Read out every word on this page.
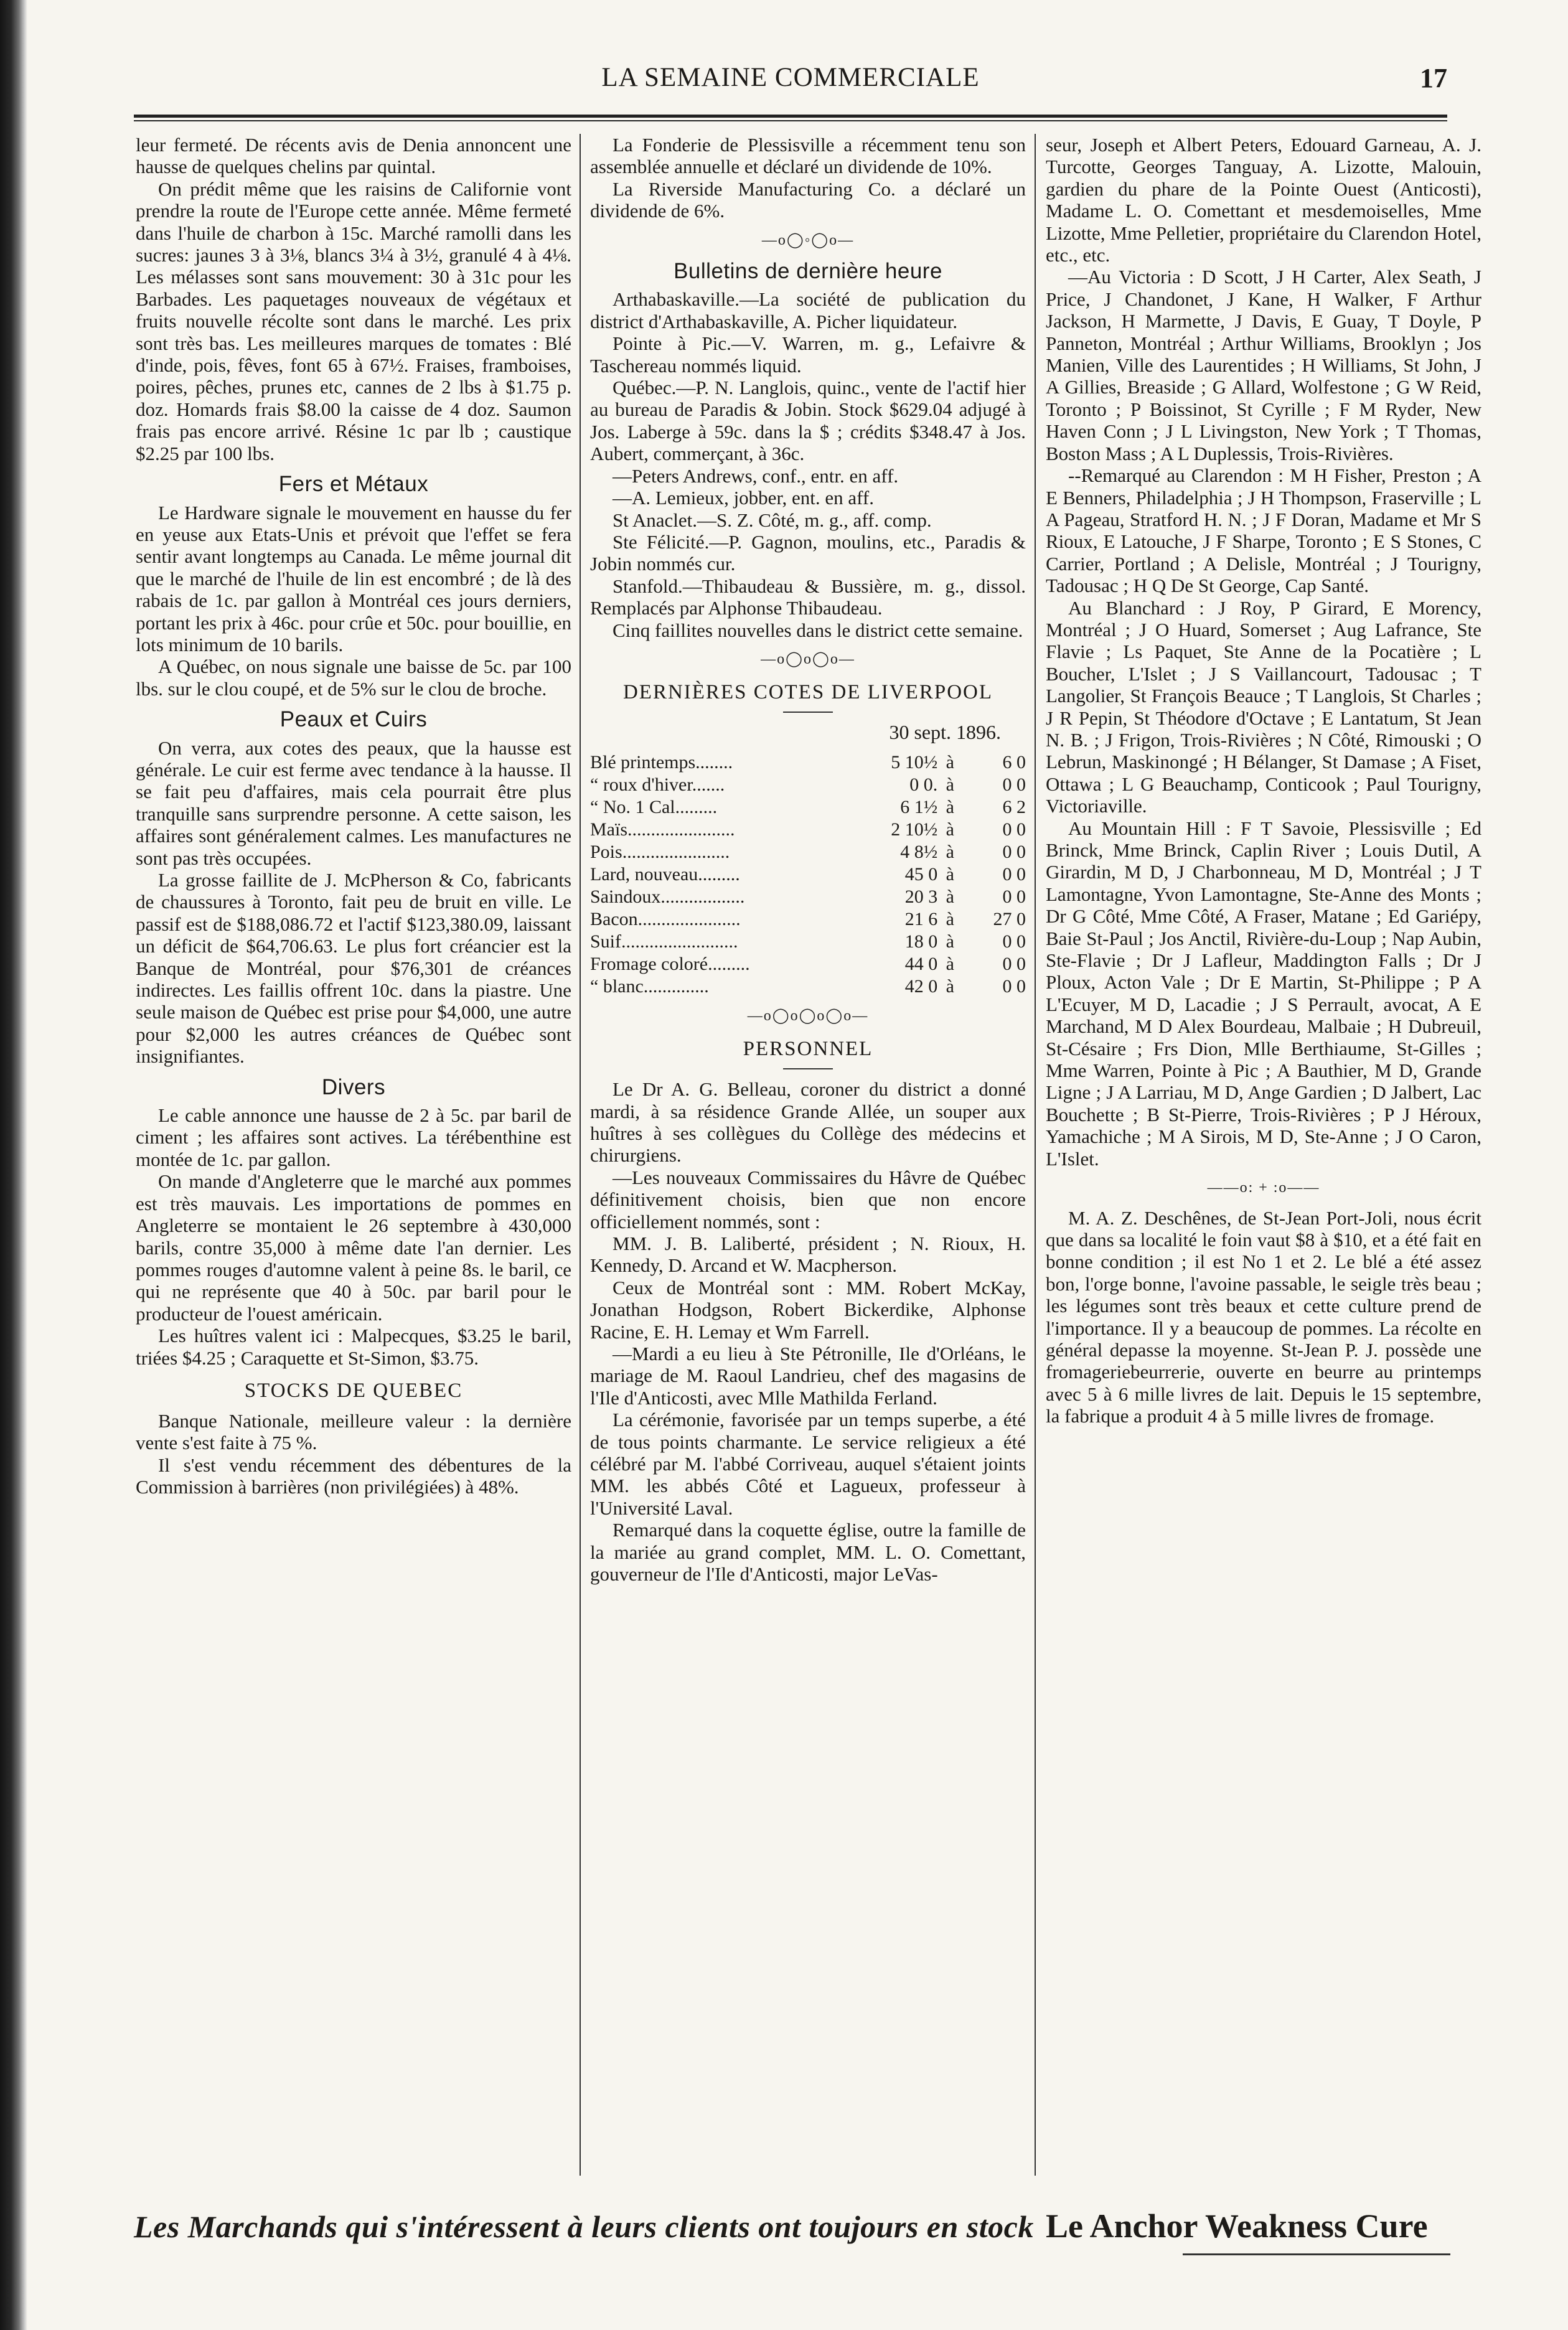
LA SEMAINE COMMERCIALE	17

leur fermeté. De récents avis de Denia annoncent une hausse de quelques chelins par quintal.

On prédit même que les raisins de Californie vont prendre la route de l'Europe cette année. Même fermeté dans l'huile de charbon à 15c. Marché ramolli dans les sucres: jaunes 3 à 3⅛, blancs 3¼ à 3½, granulé 4 à 4⅛. Les mélasses sont sans mouvement: 30 à 31c pour les Barbades. Les paquetages nouveaux de végétaux et fruits nouvelle récolte sont dans le marché. Les prix sont très bas. Les meilleures marques de tomates : Blé d'inde, pois, fêves, font 65 à 67½. Fraises, framboises, poires, pêches, prunes etc, cannes de 2 lbs à $1.75 p. doz. Homards frais $8.00 la caisse de 4 doz. Saumon frais pas encore arrivé. Résine 1c par lb ; caustique $2.25 par 100 lbs.

Fers et Métaux

Le Hardware signale le mouvement en hausse du fer en yeuse aux Etats-Unis et prévoit que l'effet se fera sentir avant longtemps au Canada. Le même journal dit que le marché de l'huile de lin est encombré ; de là des rabais de 1c. par gallon à Montréal ces jours derniers, portant les prix à 46c. pour crûe et 50c. pour bouillie, en lots minimum de 10 barils.

A Québec, on nous signale une baisse de 5c. par 100 lbs. sur le clou coupé, et de 5% sur le clou de broche.

Peaux et Cuirs

On verra, aux cotes des peaux, que la hausse est générale. Le cuir est ferme avec tendance à la hausse. Il se fait peu d'affaires, mais cela pourrait être plus tranquille sans surprendre personne. A cette saison, les affaires sont généralement calmes. Les manufactures ne sont pas très occupées.

La grosse faillite de J. McPherson & Co, fabricants de chaussures à Toronto, fait peu de bruit en ville. Le passif est de $188,086.72 et l'actif $123,380.09, laissant un déficit de $64,706.63. Le plus fort créancier est la Banque de Montréal, pour $76,301 de créances indirectes. Les faillis offrent 10c. dans la piastre. Une seule maison de Québec est prise pour $4,000, une autre pour $2,000 les autres créances de Québec sont insignifiantes.

Divers

Le cable annonce une hausse de 2 à 5c. par baril de ciment ; les affaires sont actives. La térébenthine est montée de 1c. par gallon.

On mande d'Angleterre que le marché aux pommes est très mauvais. Les importations de pommes en Angleterre se montaient le 26 septembre à 430,000 barils, contre 35,000 à même date l'an dernier. Les pommes rouges d'automne valent à peine 8s. le baril, ce qui ne représente que 40 à 50c. par baril pour le producteur de l'ouest américain.

Les huîtres valent ici : Malpecques, $3.25 le baril, triées $4.25 ; Caraquette et St-Simon, $3.75.

STOCKS DE QUEBEC

Banque Nationale, meilleure valeur : la dernière vente s'est faite à 75 %.

Il s'est vendu récemment des débentures de la Commission à barrières (non privilégiées) à 48%.

La Fonderie de Plessisville a récemment tenu son assemblée annuelle et déclaré un dividende de 10%.

La Riverside Manufacturing Co. a déclaré un dividende de 6%.

—o◯◦◯o—
Bulletins de dernière heure

Arthabaskaville.—La société de publication du district d'Arthabaskaville, A. Picher liquidateur.

Pointe à Pic.—V. Warren, m. g., Lefaivre & Taschereau nommés liquid.

Québec.—P. N. Langlois, quinc., vente de l'actif hier au bureau de Paradis & Jobin. Stock $629.04 adjugé à Jos. Laberge à 59c. dans la $ ; crédits $348.47 à Jos. Aubert, commerçant, à 36c.

—Peters Andrews, conf., entr. en aff.

—A. Lemieux, jobber, ent. en aff.

St Anaclet.—S. Z. Côté, m. g., aff. comp.

Ste Félicité.—P. Gagnon, moulins, etc., Paradis & Jobin nommés cur.

Stanfold.—Thibaudeau & Bussière, m. g., dissol. Remplacés par Alphonse Thibaudeau.

Cinq faillites nouvelles dans le district cette semaine.

—o◯o◯o—
DERNIÈRES COTES DE LIVERPOOL
30 sept. 1896.
Blé printemps........	5 10½	à	6 0
“ roux d'hiver.......	0 0.	à	0 0
“ No. 1 Cal.........	6 1½	à	6 2
Maïs.......................	2 10½	à	0 0
Pois.......................	4 8½	à	0 0
Lard, nouveau.........	45 0	à	0 0
Saindoux..................	20 3	à	0 0
Bacon......................	21 6	à	27 0
Suif.........................	18 0	à	0 0
Fromage coloré.........	44 0	à	0 0
“ blanc..............	42 0	à	0 0
—o◯o◯o◯o—
PERSONNEL

Le Dr A. G. Belleau, coroner du district a donné mardi, à sa résidence Grande Allée, un souper aux huîtres à ses collègues du Collège des médecins et chirurgiens.

—Les nouveaux Commissaires du Hâvre de Québec définitivement choisis, bien que non encore officiellement nommés, sont :

MM. J. B. Laliberté, président ; N. Rioux, H. Kennedy, D. Arcand et W. Macpherson.

Ceux de Montréal sont : MM. Robert McKay, Jonathan Hodgson, Robert Bickerdike, Alphonse Racine, E. H. Lemay et Wm Farrell.

—Mardi a eu lieu à Ste Pétronille, Ile d'Orléans, le mariage de M. Raoul Landrieu, chef des magasins de l'Ile d'Anticosti, avec Mlle Mathilda Ferland.

La cérémonie, favorisée par un temps superbe, a été de tous points charmante. Le service religieux a été célébré par M. l'abbé Corriveau, auquel s'étaient joints MM. les abbés Côté et Lagueux, professeur à l'Université Laval.

Remarqué dans la coquette église, outre la famille de la mariée au grand complet, MM. L. O. Comettant, gouverneur de l'Ile d'Anticosti, major LeVas-

seur, Joseph et Albert Peters, Edouard Garneau, A. J. Turcotte, Georges Tanguay, A. Lizotte, Malouin, gardien du phare de la Pointe Ouest (Anticosti), Madame L. O. Comettant et mesdemoiselles, Mme Lizotte, Mme Pelletier, propriétaire du Clarendon Hotel, etc., etc.

—Au Victoria : D Scott, J H Carter, Alex Seath, J Price, J Chandonet, J Kane, H Walker, F Arthur Jackson, H Marmette, J Davis, E Guay, T Doyle, P Panneton, Montréal ; Arthur Williams, Brooklyn ; Jos Manien, Ville des Laurentides ; H Williams, St John, J A Gillies, Breaside ; G Allard, Wolfestone ; G W Reid, Toronto ; P Boissinot, St Cyrille ; F M Ryder, New Haven Conn ; J L Livingston, New York ; T Thomas, Boston Mass ; A L Duplessis, Trois-Rivières.

--Remarqué au Clarendon : M H Fisher, Preston ; A E Benners, Philadelphia ; J H Thompson, Fraserville ; L A Pageau, Stratford H. N. ; J F Doran, Madame et Mr S Rioux, E Latouche, J F Sharpe, Toronto ; E S Stones, C Carrier, Portland ; A Delisle, Montréal ; J Tourigny, Tadousac ; H Q De St George, Cap Santé.

Au Blanchard : J Roy, P Girard, E Morency, Montréal ; J O Huard, Somerset ; Aug Lafrance, Ste Flavie ; Ls Paquet, Ste Anne de la Pocatière ; L Boucher, L'Islet ; J S Vaillancourt, Tadousac ; T Langolier, St François Beauce ; T Langlois, St Charles ; J R Pepin, St Théodore d'Octave ; E Lantatum, St Jean N. B. ; J Frigon, Trois-Rivières ; N Côté, Rimouski ; O Lebrun, Maskinongé ; H Bélanger, St Damase ; A Fiset, Ottawa ; L G Beauchamp, Conticook ; Paul Tourigny, Victoriaville.

Au Mountain Hill : F T Savoie, Plessisville ; Ed Brinck, Mme Brinck, Caplin River ; Louis Dutil, A Girardin, M D, J Charbonneau, M D, Montréal ; J T Lamontagne, Yvon Lamontagne, Ste-Anne des Monts ; Dr G Côté, Mme Côté, A Fraser, Matane ; Ed Gariépy, Baie St-Paul ; Jos Anctil, Rivière-du-Loup ; Nap Aubin, Ste-Flavie ; Dr J Lafleur, Maddington Falls ; Dr J Ploux, Acton Vale ; Dr E Martin, St-Philippe ; P A L'Ecuyer, M D, Lacadie ; J S Perrault, avocat, A E Marchand, M D Alex Bourdeau, Malbaie ; H Dubreuil, St-Césaire ; Frs Dion, Mlle Berthiaume, St-Gilles ; Mme Warren, Pointe à Pic ; A Bauthier, M D, Grande Ligne ; J A Larriau, M D, Ange Gardien ; D Jalbert, Lac Bouchette ; B St-Pierre, Trois-Rivières ; P J Héroux, Yamachiche ; M A Sirois, M D, Ste-Anne ; J O Caron, L'Islet.

——o: + :o——

M. A. Z. Deschênes, de St-Jean Port-Joli, nous écrit que dans sa localité le foin vaut $8 à $10, et a été fait en bonne condition ; il est No 1 et 2. Le blé a été assez bon, l'orge bonne, l'avoine passable, le seigle très beau ; les légumes sont très beaux et cette culture prend de l'importance. Il y a beaucoup de pommes. La récolte en général depasse la moyenne. St-Jean P. J. possède une fromageriebeurrerie, ouverte en beurre au printemps avec 5 à 6 mille livres de lait. Depuis le 15 septembre, la fabrique a produit 4 à 5 mille livres de fromage.

Les Marchands qui s'intéressent à leurs clients ont toujours en stock Le Anchor Weakness Cure
